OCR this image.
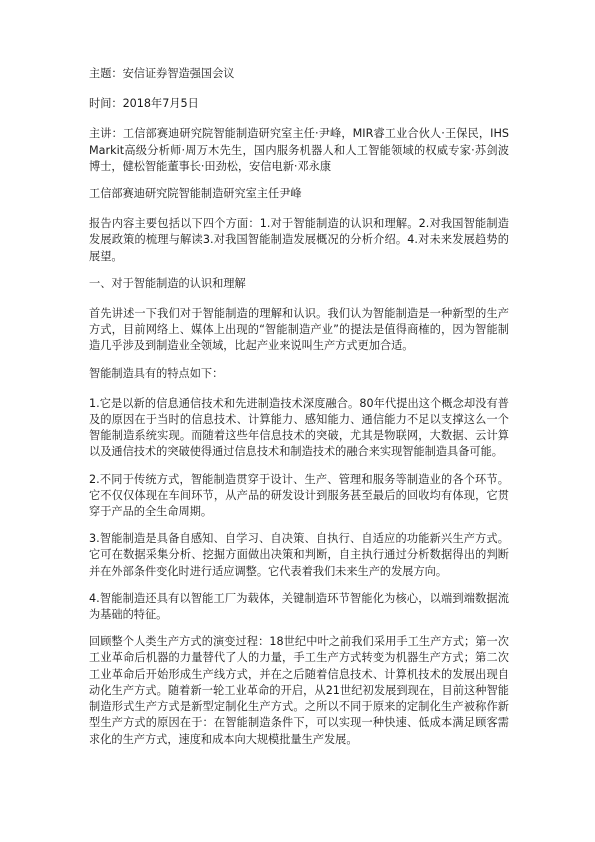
主题：安信证券智造强国会议

时间：2018年7月5日

主讲：工信部赛迪研究院智能制造研究室主任·尹峰，MIR睿工业合伙人·王保民，IHSMarkit高级分析师·周万木先生，国内服务机器人和人工智能领域的权威专家·苏剑波博士，健松智能董事长·田劲松，安信电新·邓永康

工信部赛迪研究院智能制造研究室主任尹峰

报告内容主要包括以下四个方面：1.对于智能制造的认识和理解。2.对我国智能制造发展政策的梳理与解读3.对我国智能制造发展概况的分析介绍。4.对未来发展趋势的展望。

一、对于智能制造的认识和理解

首先讲述一下我们对于智能制造的理解和认识。我们认为智能制造是一种新型的生产方式，目前网络上、媒体上出现的“智能制造产业”的提法是值得商榷的，因为智能制造几乎涉及到制造业全领域，比起产业来说叫生产方式更加合适。

智能制造具有的特点如下：

1.它是以新的信息通信技术和先进制造技术深度融合。80年代提出这个概念却没有普及的原因在于当时的信息技术、计算能力、感知能力、通信能力不足以支撑这么一个智能制造系统实现。而随着这些年信息技术的突破，尤其是物联网，大数据、云计算以及通信技术的突破使得通过信息技术和制造技术的融合来实现智能制造具备可能。

2.不同于传统方式，智能制造贯穿于设计、生产、管理和服务等制造业的各个环节。它不仅仅体现在车间环节，从产品的研发设计到服务甚至最后的回收均有体现，它贯穿于产品的全生命周期。

3.智能制造是具备自感知、自学习、自决策、自执行、自适应的功能新兴生产方式。它可在数据采集分析、挖掘方面做出决策和判断，自主执行通过分析数据得出的判断并在外部条件变化时进行适应调整。它代表着我们未来生产的发展方向。

4.智能制造还具有以智能工厂为载体，关键制造环节智能化为核心，以端到端数据流为基础的特征。

回顾整个人类生产方式的演变过程：18世纪中叶之前我们采用手工生产方式；第一次工业革命后机器的力量替代了人的力量，手工生产方式转变为机器生产方式；第二次工业革命后开始形成生产线方式，并在之后随着信息技术、计算机技术的发展出现自动化生产方式。随着新一轮工业革命的开启，从21世纪初发展到现在，目前这种智能制造形式生产方式是新型定制化生产方式。之所以不同于原来的定制化生产被称作新型生产方式的原因在于：在智能制造条件下，可以实现一种快速、低成本满足顾客需求化的生产方式，速度和成本向大规模批量生产发展。
